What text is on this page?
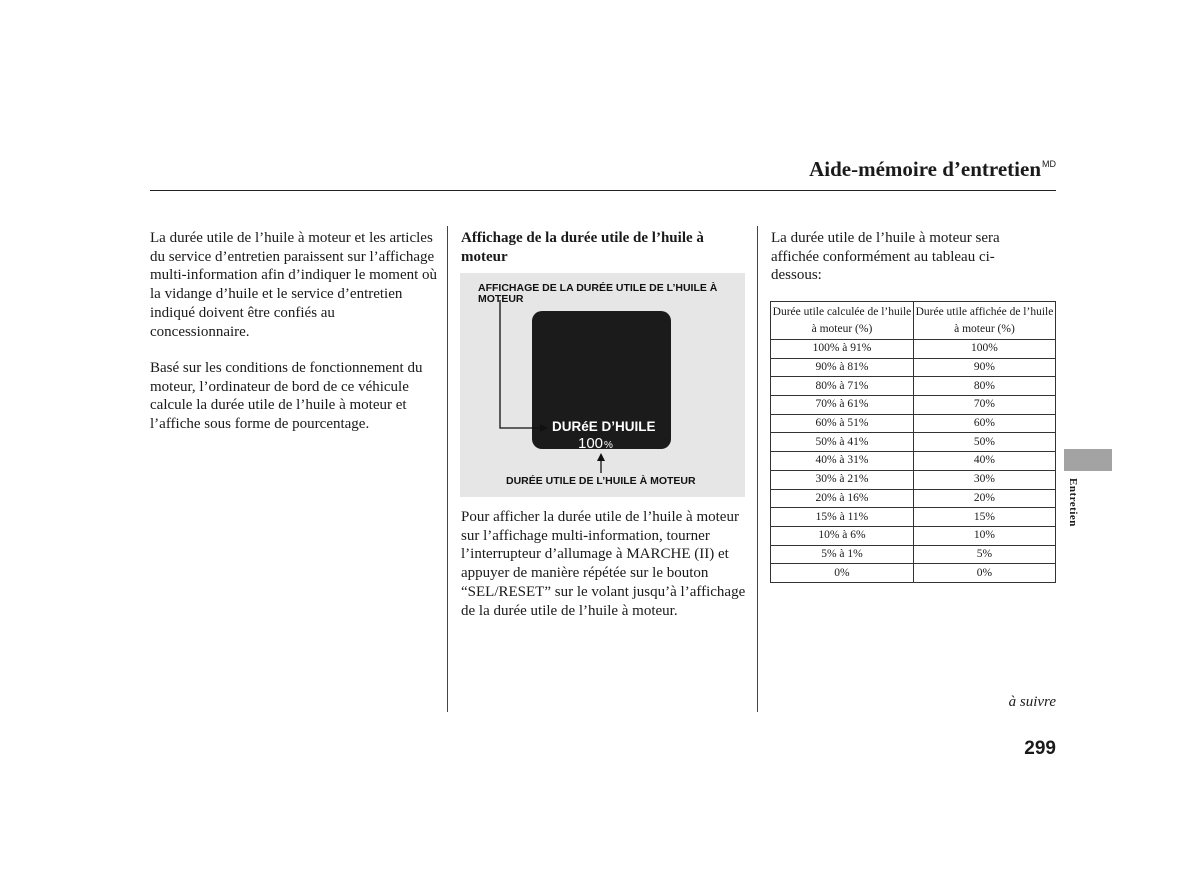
Aide-mémoire d’entretien$^{MD}$

La durée utile de l’huile à moteur et les articles du service d’entretien paraissent sur l’affichage multi-information afin d’indiquer le moment où la vidange d’huile et le service d’entretien indiqué doivent être confiés au concessionnaire.

Basé sur les conditions de fonctionnement du moteur, l’ordinateur de bord de ce véhicule calcule la durée utile de l’huile à moteur et l’affiche sous forme de pourcentage.

Affichage de la durée utile de l’huile à moteur

AFFICHAGE DE LA DURÉE UTILE DE L’HUILE À MOTEUR
DURéE D’HUILE
100%
DURÉE UTILE DE L’HUILE À MOTEUR

Pour afficher la durée utile de l’huile à moteur sur l’affichage multi-information, tourner l’interrupteur d’allumage à MARCHE (II) et appuyer de manière répétée sur le bouton “SEL/RESET” sur le volant jusqu’à l’affichage de la durée utile de l’huile à moteur.

La durée utile de l’huile à moteur sera affichée conformément au tableau ci-dessous:

Durée utile calculée de l’huile à moteur (%)	Durée utile affichée de l’huile à moteur (%)
100% à 91%	100%
90% à 81%	90%
80% à 71%	80%
70% à 61%	70%
60% à 51%	60%
50% à 41%	50%
40% à 31%	40%
30% à 21%	30%
20% à 16%	20%
15% à 11%	15%
10% à 6%	10%
5% à 1%	5%
0%	0%
Entretien
à suivre
299
